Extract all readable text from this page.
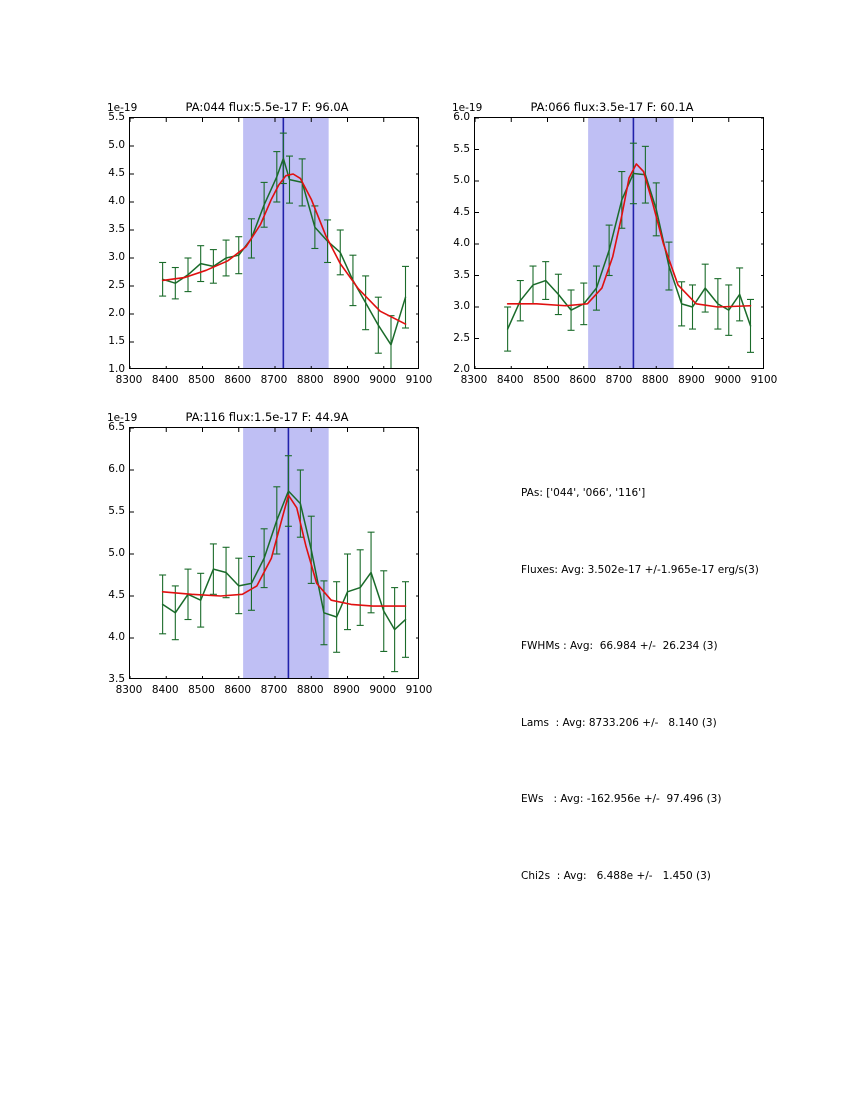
PA:044 flux:5.5e-17 F: 96.0A

1e-19
1.0
1.5
2.0
2.5
3.0
3.5
4.0
4.5
5.0
5.5
8300 8400 8500 8600 8700 8800 8900 9000 9100

PA:066 flux:3.5e-17 F: 60.1A

1e-19
2.0
2.5
3.0
3.5
4.0
4.5
5.0
5.5
6.0
8300 8400 8500 8600 8700 8800 8900 9000 9100

PA:116 flux:1.5e-17 F: 44.9A

1e-19
3.5
4.0
4.5
5.0
5.5
6.0
6.5
8300 8400 8500 8600 8700 8800 8900 9000 9100

PAs: ['044', '066', '116']

Fluxes: Avg: 3.502e-17 +/-1.965e-17 erg/s(3)

FWHMs : Avg:  66.984 +/-  26.234 (3)

Lams  : Avg: 8733.206 +/-   8.140 (3)

EWs   : Avg: -162.956e +/-  97.496 (3)

Chi2s  : Avg:   6.488e +/-   1.450 (3)
